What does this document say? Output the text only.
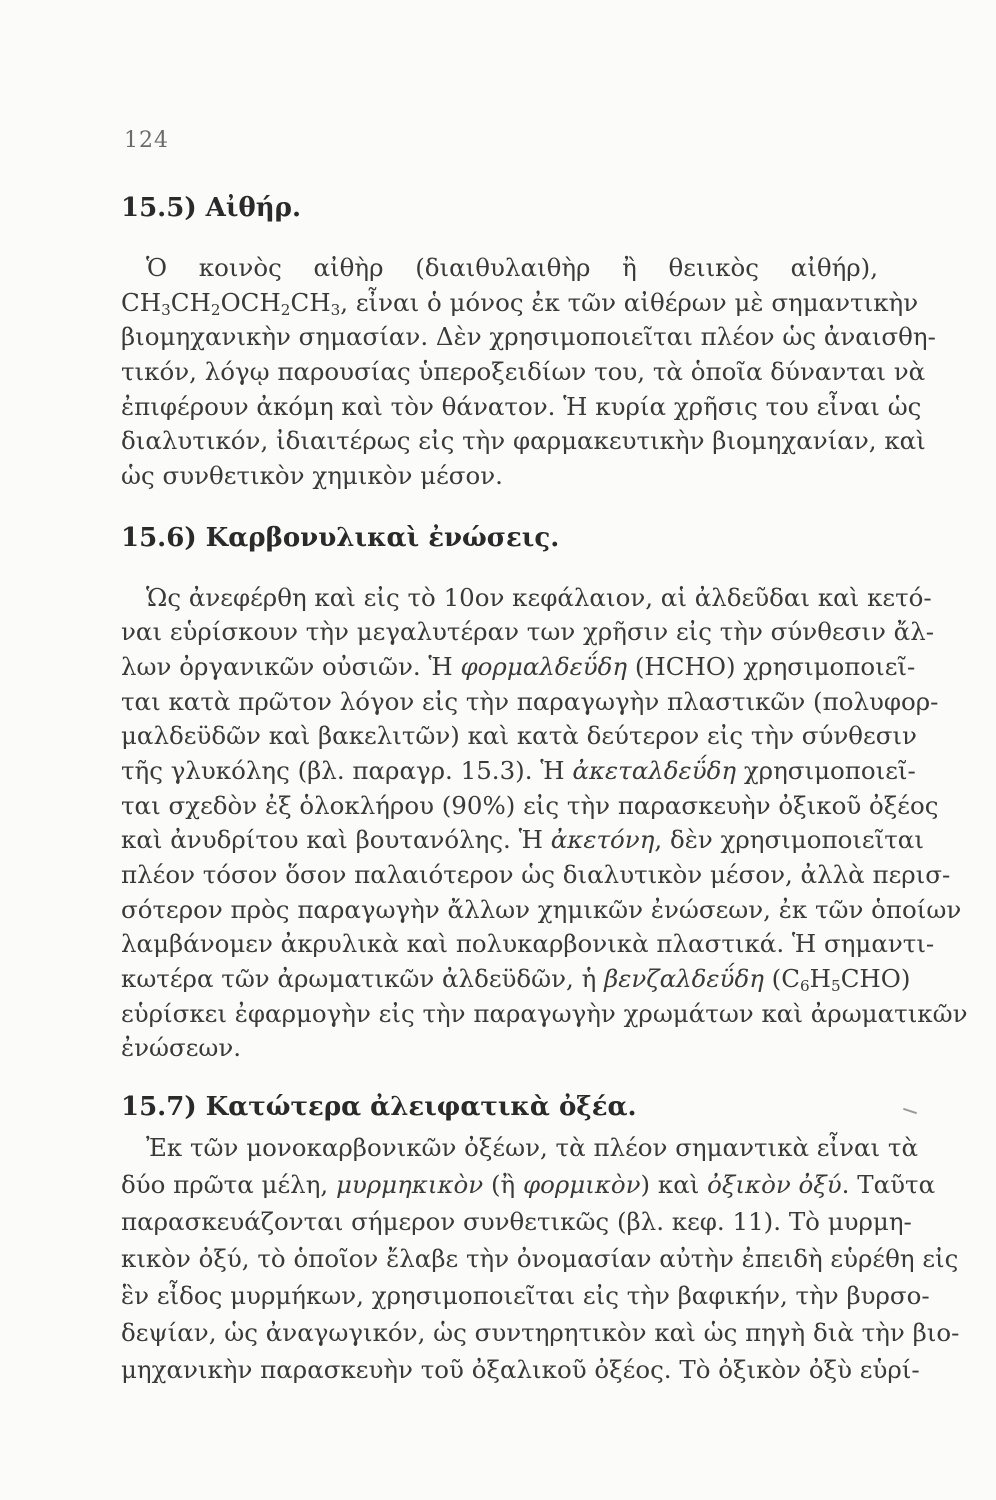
124
15.5) Αἰθήρ.
Ὁ κοινὸς αἰθὴρ (διαιθυλαιθὴρ ἢ θειικὸς αἰθήρ),
$CH_3CH_2OCH_2CH_3$, εἶναι ὁ μόνος ἐκ τῶν αἰθέρων μὲ σημαντικὴν
βιομηχανικὴν σημασίαν. Δὲν χρησιμοποιεῖται πλέον ὡς ἀναισθη-
τικόν, λόγῳ παρουσίας ὑπεροξειδίων του, τὰ ὁποῖα δύνανται νὰ
ἐπιφέρουν ἀκόμη καὶ τὸν θάνατον. Ἡ κυρία χρῆσις του εἶναι ὡς
διαλυτικόν, ἰδιαιτέρως εἰς τὴν φαρμακευτικὴν βιομηχανίαν, καὶ
ὡς συνθετικὸν χημικὸν μέσον.
15.6) Καρβονυλικαὶ ἐνώσεις.
Ὡς ἀνεφέρθη καὶ εἰς τὸ 10ον κεφάλαιον, αἱ ἀλδεῦδαι καὶ κετό-
ναι εὑρίσκουν τὴν μεγαλυτέραν των χρῆσιν εἰς τὴν σύνθεσιν ἄλ-
λων ὀργανικῶν οὐσιῶν. Ἡ φορμαλδεΰδη (HCHO) χρησιμοποιεῖ-
ται κατὰ πρῶτον λόγον εἰς τὴν παραγωγὴν πλαστικῶν (πολυφορ-
μαλδεϋδῶν καὶ βακελιτῶν) καὶ κατὰ δεύτερον εἰς τὴν σύνθεσιν
τῆς γλυκόλης (βλ. παραγρ. 15.3). Ἡ ἀκεταλδεΰδη χρησιμοποιεῖ-
ται σχεδὸν ἐξ ὁλοκλήρου (90%) εἰς τὴν παρασκευὴν ὀξικοῦ ὀξέος
καὶ ἀνυδρίτου καὶ βουτανόλης. Ἡ ἀκετόνη, δὲν χρησιμοποιεῖται
πλέον τόσον ὅσον παλαιότερον ὡς διαλυτικὸν μέσον, ἀλλὰ περισ-
σότερον πρὸς παραγωγὴν ἄλλων χημικῶν ἐνώσεων, ἐκ τῶν ὁποίων
λαμβάνομεν ἀκρυλικὰ καὶ πολυκαρβονικὰ πλαστικά. Ἡ σημαντι-
κωτέρα τῶν ἀρωματικῶν ἀλδεϋδῶν, ἡ βενζαλδεΰδη $(C_6H_5CHO)$
εὑρίσκει ἐφαρμογὴν εἰς τὴν παραγωγὴν χρωμάτων καὶ ἀρωματικῶν
ἐνώσεων.
15.7) Κατώτερα ἀλειφατικὰ ὀξέα.
Ἐκ τῶν μονοκαρβονικῶν ὀξέων, τὰ πλέον σημαντικὰ εἶναι τὰ
δύο πρῶτα μέλη, μυρμηκικὸν (ἢ φορμικὸν) καὶ ὀξικὸν ὀξύ. Ταῦτα
παρασκευάζονται σήμερον συνθετικῶς (βλ. κεφ. 11). Τὸ μυρμη-
κικὸν ὀξύ, τὸ ὁποῖον ἔλαβε τὴν ὀνομασίαν αὐτὴν ἐπειδὴ εὑρέθη εἰς
ἓν εἶδος μυρμήκων, χρησιμοποιεῖται εἰς τὴν βαφικήν, τὴν βυρσο-
δεψίαν, ὡς ἀναγωγικόν, ὡς συντηρητικὸν καὶ ὡς πηγὴ διὰ τὴν βιο-
μηχανικὴν παρασκευὴν τοῦ ὀξαλικοῦ ὀξέος. Τὸ ὀξικὸν ὀξὺ εὑρί-
